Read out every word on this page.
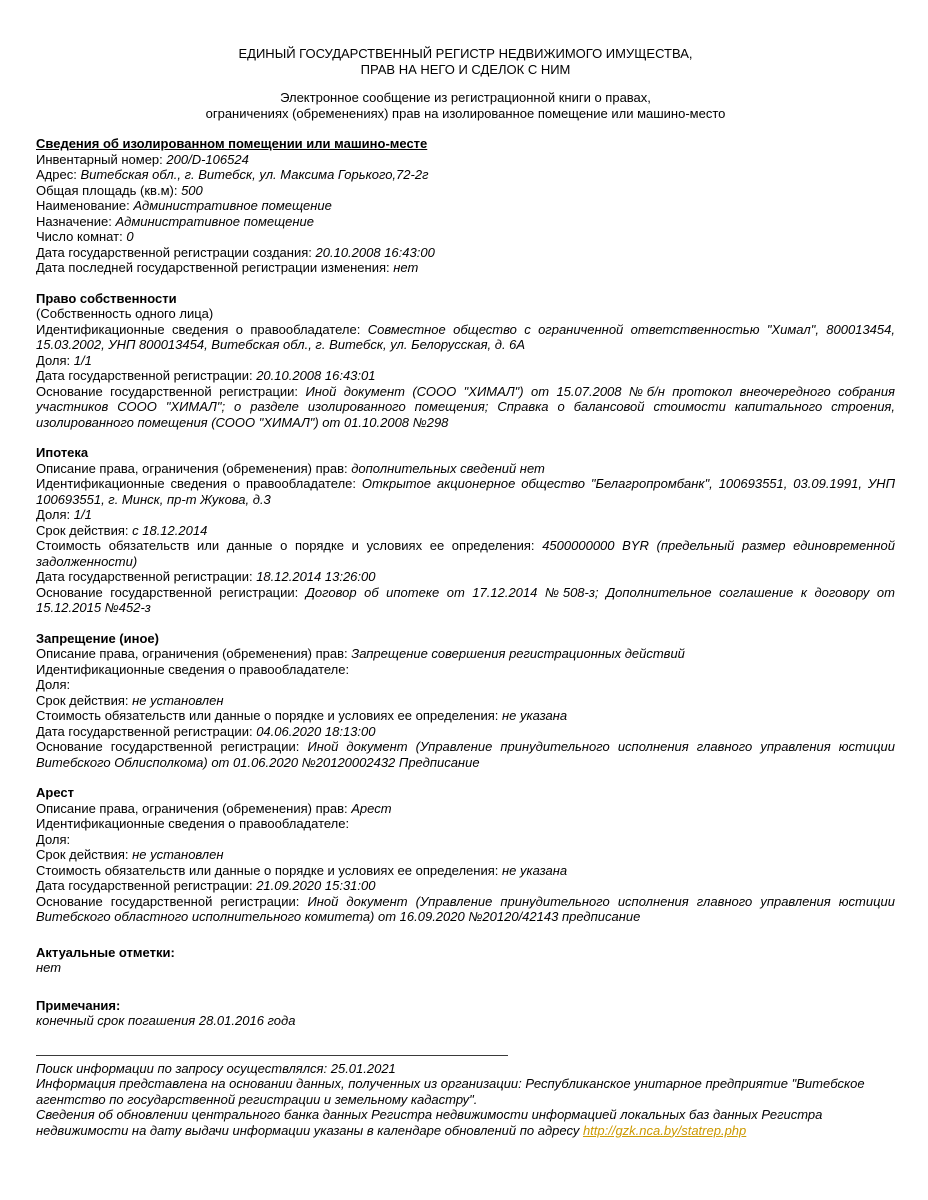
ЕДИНЫЙ ГОСУДАРСТВЕННЫЙ РЕГИСТР НЕДВИЖИМОГО ИМУЩЕСТВА,
ПРАВ НА НЕГО И СДЕЛОК С НИМ
Электронное сообщение из регистрационной книги о правах,
ограничениях (обременениях) прав на изолированное помещение или машино-место
Сведения об изолированном помещении или машино-месте
Инвентарный номер: 200/D-106524
Адрес: Витебская обл., г. Витебск, ул. Максима Горького,72-2г
Общая площадь (кв.м): 500
Наименование: Административное помещение
Назначение: Административное помещение
Число комнат: 0
Дата государственной регистрации создания: 20.10.2008 16:43:00
Дата последней государственной регистрации изменения: нет
Право собственности
(Собственность одного лица)
Идентификационные сведения о правообладателе: Совместное общество с ограниченной ответственностью "Химал", 800013454, 15.03.2002, УНП 800013454, Витебская обл., г. Витебск, ул. Белорусская, д. 6А
Доля: 1/1
Дата государственной регистрации: 20.10.2008 16:43:01
Основание государственной регистрации: Иной документ (СООО "ХИМАЛ") от 15.07.2008 №б/н протокол внеочередного собрания участников СООО "ХИМАЛ"; о разделе изолированного помещения; Справка о балансовой стоимости капитального строения, изолированного помещения (СООО "ХИМАЛ") от 01.10.2008 №298
Ипотека
Описание права, ограничения (обременения) прав: дополнительных сведений нет
Идентификационные сведения о правообладателе: Открытое акционерное общество "Белагропромбанк", 100693551, 03.09.1991, УНП 100693551, г. Минск, пр-т Жукова, д.3
Доля: 1/1
Срок действия: с 18.12.2014
Стоимость обязательств или данные о порядке и условиях ее определения: 4500000000 BYR (предельный размер единовременной задолженности)
Дата государственной регистрации: 18.12.2014 13:26:00
Основание государственной регистрации: Договор об ипотеке от 17.12.2014 №508-з; Дополнительное соглашение к договору от 15.12.2015 №452-з
Запрещение (иное)
Описание права, ограничения (обременения) прав: Запрещение совершения регистрационных действий
Идентификационные сведения о правообладателе:
Доля:
Срок действия: не установлен
Стоимость обязательств или данные о порядке и условиях ее определения: не указана
Дата государственной регистрации: 04.06.2020 18:13:00
Основание государственной регистрации: Иной документ (Управление принудительного исполнения главного управления юстиции Витебского Облисполкома) от 01.06.2020 №20120002432 Предписание
Арест
Описание права, ограничения (обременения) прав: Арест
Идентификационные сведения о правообладателе:
Доля:
Срок действия: не установлен
Стоимость обязательств или данные о порядке и условиях ее определения: не указана
Дата государственной регистрации: 21.09.2020 15:31:00
Основание государственной регистрации: Иной документ (Управление принудительного исполнения главного управления юстиции Витебского областного исполнительного комитета) от 16.09.2020 №20120/42143 предписание
Актуальные отметки:
нет
Примечания:
конечный срок погашения 28.01.2016 года
Поиск информации по запросу осуществлялся: 25.01.2021
Информация представлена на основании данных, полученных из организации: Республиканское унитарное предприятие "Витебское агентство по государственной регистрации и земельному кадастру".
Сведения об обновлении центрального банка данных Регистра недвижимости информацией локальных баз данных Регистра недвижимости на дату выдачи информации указаны в календаре обновлений по адресу http://gzk.nca.by/statrep.php
